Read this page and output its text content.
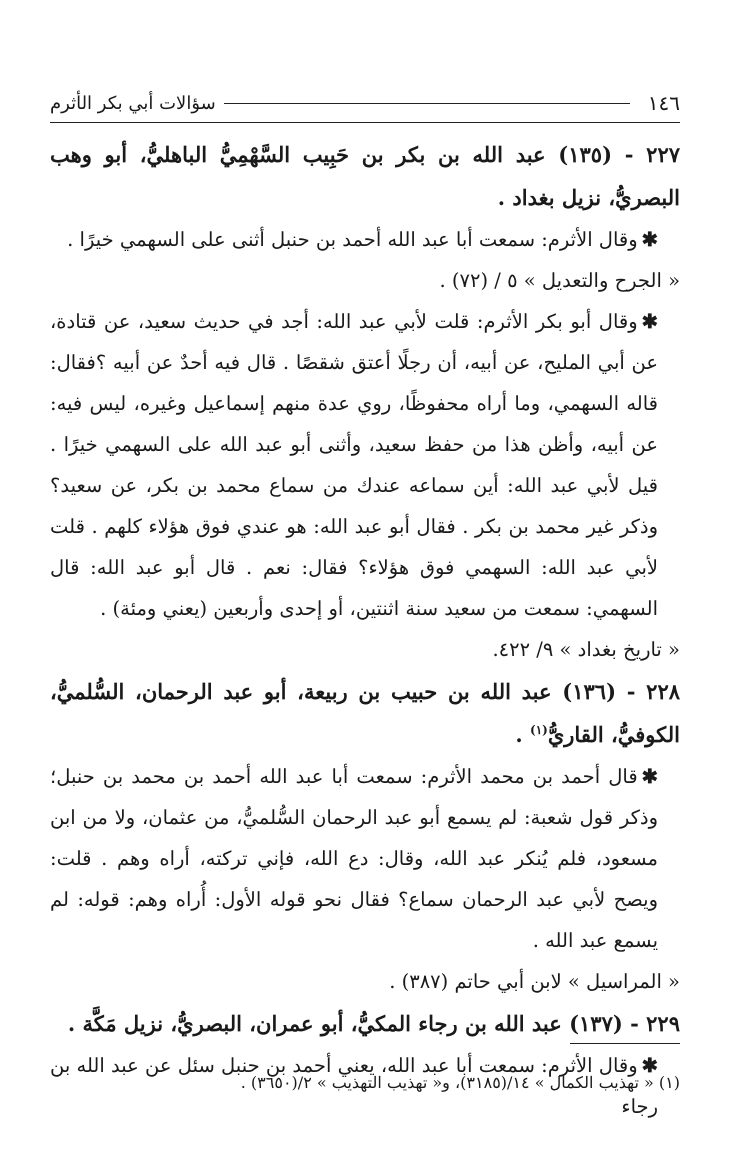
١٤٦
سؤالات أبي بكر الأثرم

٢٢٧ - (١٣٥) عبد الله بن بكر بن حَبِيب السَّهْمِيُّ الباهليُّ، أبو وهب البصريُّ، نزيل بغداد .

✱وقال الأثرم: سمعت أبا عبد الله أحمد بن حنبل أثنى على السهمي خيرًا .

« الجرح والتعديل » ٥ / (٧٢) .

✱وقال أبو بكر الأثرم: قلت لأبي عبد الله: أجد في حديث سعيد، عن قتادة، عن أبي المليح، عن أبيه، أن رجلًا أعتق شقصًا . قال فيه أحدٌ عن أبيه ؟فقال: قاله السهمي، وما أراه محفوظًا، روي عدة منهم إسماعيل وغيره، ليس فيه: عن أبيه، وأظن هذا من حفظ سعيد، وأثنى أبو عبد الله على السهمي خيرًا . قيل لأبي عبد الله: أين سماعه عندك من سماع محمد بن بكر، عن سعيد؟ وذكر غير محمد بن بكر . فقال أبو عبد الله: هو عندي فوق هؤلاء كلهم . قلت لأبي عبد الله: السهمي فوق هؤلاء؟ فقال: نعم . قال أبو عبد الله: قال السهمي: سمعت من سعيد سنة اثنتين، أو إحدى وأربعين (يعني ومئة) .

« تاريخ بغداد » ٩/ ٤٢٢.

٢٢٨ - (١٣٦) عبد الله بن حبيب بن ربيعة، أبو عبد الرحمان، السُّلميُّ، الكوفيُّ، القاريُّ$^{(١)}$ .

✱قال أحمد بن محمد الأثرم: سمعت أبا عبد الله أحمد بن محمد بن حنبل؛ وذكر قول شعبة: لم يسمع أبو عبد الرحمان السُّلميُّ، من عثمان، ولا من ابن مسعود، فلم يُنكر عبد الله، وقال: دع الله، فإني تركته، أراه وهم . قلت: ويصح لأبي عبد الرحمان سماع؟ فقال نحو قوله الأول: أُراه وهم: قوله: لم يسمع عبد الله .

« المراسيل » لابن أبي حاتم (٣٨٧) .

٢٢٩ - (١٣٧) عبد الله بن رجاء المكيُّ، أبو عمران، البصريُّ، نزيل مَكَّة .

✱وقال الأثرم: سمعت أبا عبد الله، يعني أحمد بن حنبل سئل عن عبد الله بن رجاء

(١) « تهذيب الكمال » ١٤/(٣١٨٥)، و« تهذيب التهذيب » ٢/(٣٦٥٠) .
